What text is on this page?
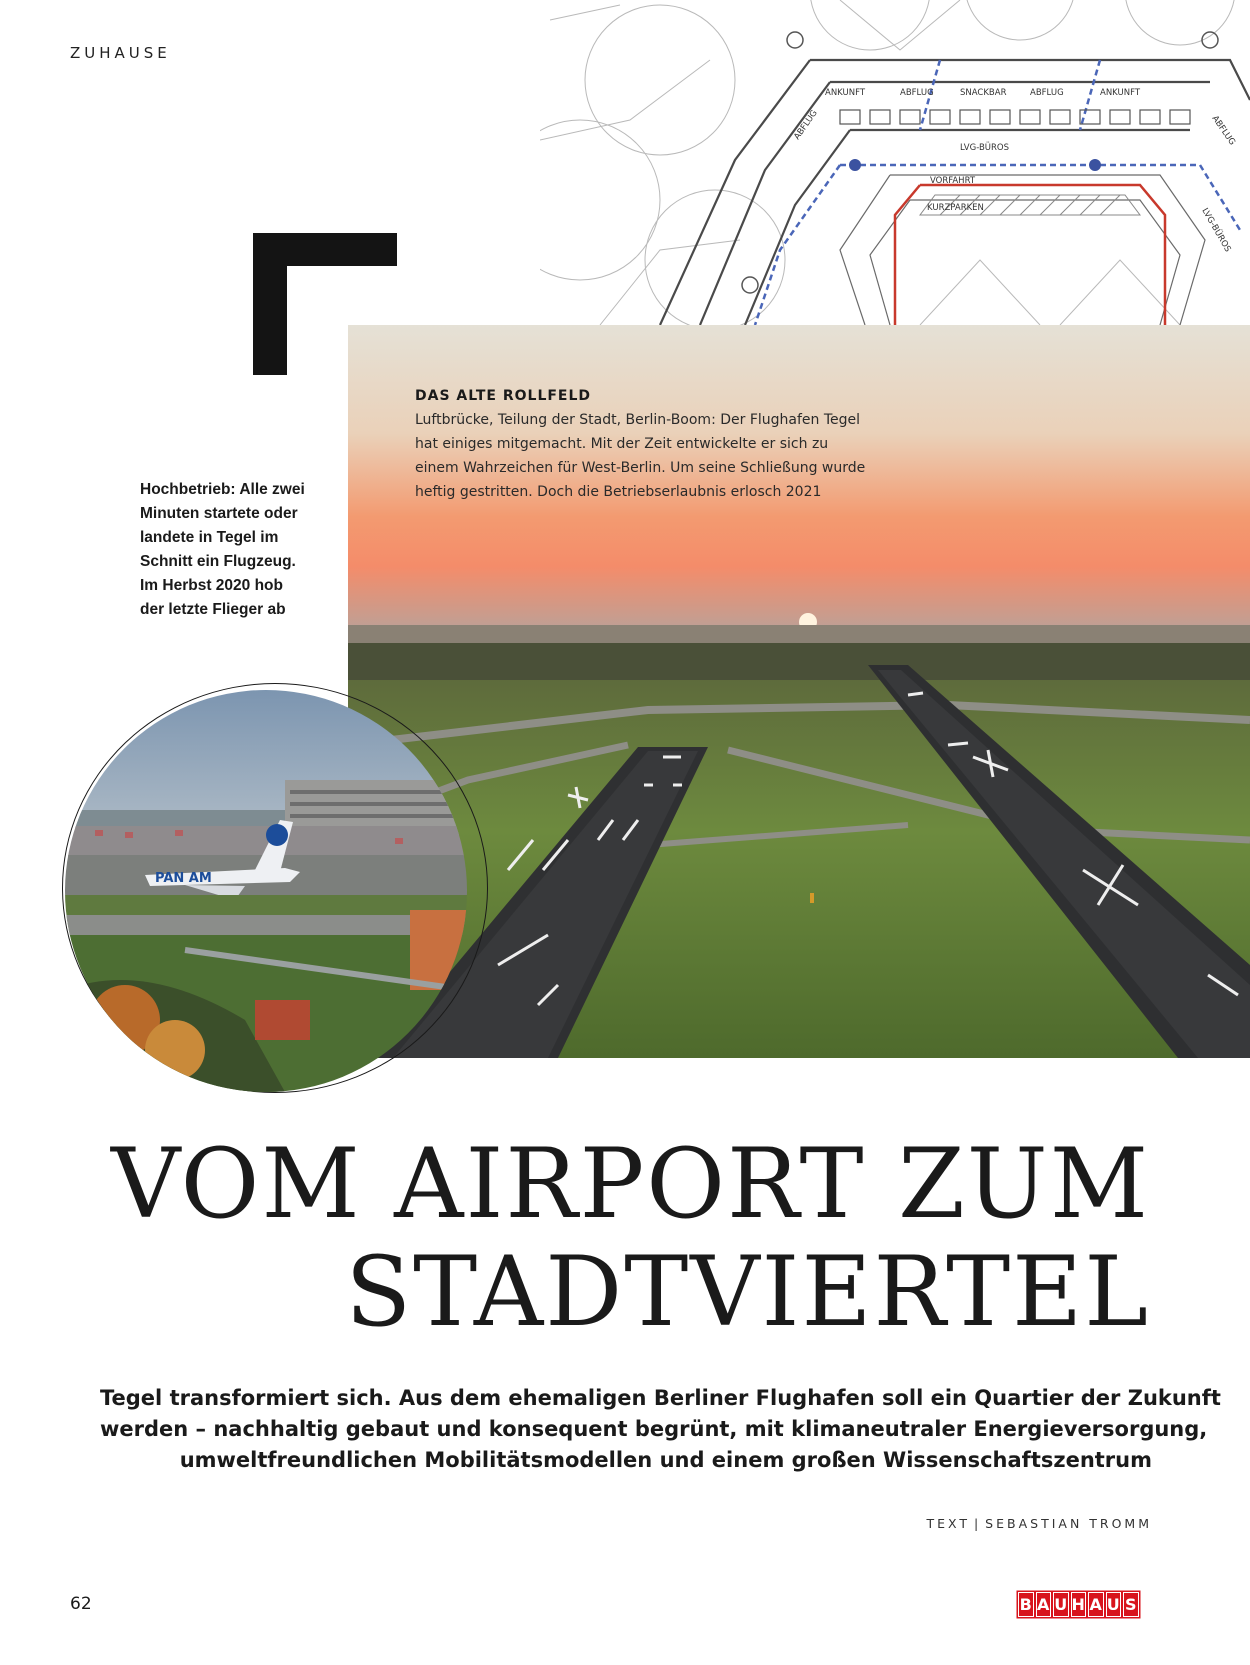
ZUHAUSE
ANKUNFT	ABFLUG	SNACKBAR	ABFLUG	ANKUNFT
ABFLUG	ABFLUG
LVG-BÜROS
VORFAHRT
KURZPARKEN	LVG-BÜROS
DAS ALTE ROLLFELD
Luftbrücke, Teilung der Stadt, Berlin-Boom: Der Flughafen Tegel
hat einiges mitgemacht. Mit der Zeit entwickelte er sich zu
einem Wahrzeichen für West-Berlin. Um seine Schließung wurde
heftig gestritten. Doch die Betriebserlaubnis erlosch 2021
Hochbetrieb: Alle zwei
Minuten startete oder
landete in Tegel im
Schnitt ein Flugzeug.
Im Herbst 2020 hob
der letzte Flieger ab
PAN AM
VOM AIRPORT ZUM
STADTVIERTEL
Tegel transformiert sich. Aus dem ehemaligen Berliner Flughafen soll ein Quartier der Zukunft
werden – nachhaltig gebaut und konsequent begrünt, mit klimaneutraler Energieversorgung,
umweltfreundlichen Mobilitätsmodellen und einem großen Wissenschaftszentrum
TEXT | SEBASTIAN TROMM
62	B A U H A U S
